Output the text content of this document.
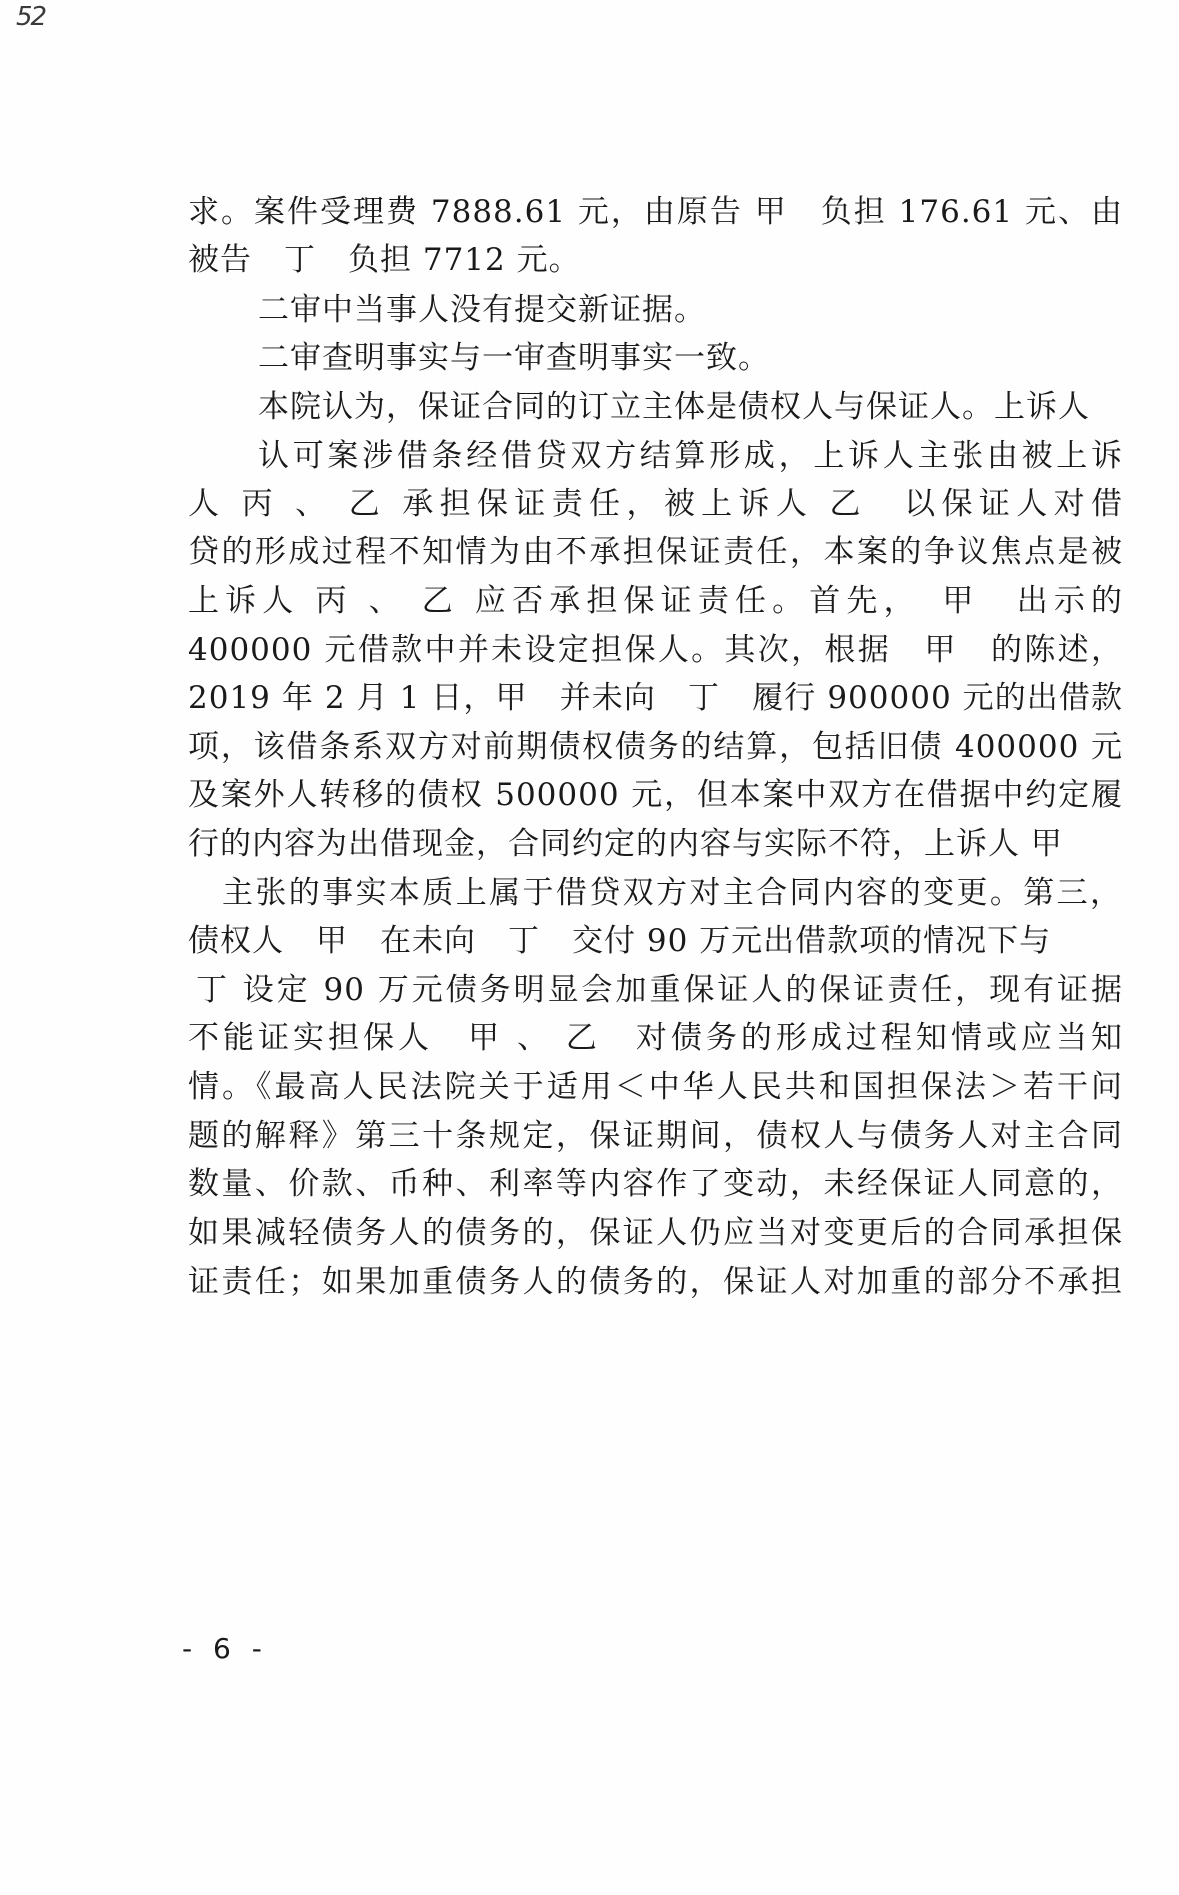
52
求。案件受理费 7888.61 元，由原告 甲　负担 176.61 元、由
被告　丁　负担 7712 元。
二审中当事人没有提交新证据。
二审查明事实与一审查明事实一致。
本院认为，保证合同的订立主体是债权人与保证人。上诉人
认可案涉借条经借贷双方结算形成，上诉人主张由被上诉
人 丙 、 乙 承担保证责任，被上诉人 乙　以保证人对借
贷的形成过程不知情为由不承担保证责任，本案的争议焦点是被
上诉人 丙 、 乙 应否承担保证责任。首先，　甲　出示的
400000 元借款中并未设定担保人。其次，根据　甲　的陈述，
2019 年 2 月 1 日，甲　并未向　丁　履行 900000 元的出借款
项，该借条系双方对前期债权债务的结算，包括旧债 400000 元
及案外人转移的债权 500000 元，但本案中双方在借据中约定履
行的内容为出借现金，合同约定的内容与实际不符，上诉人 甲
主张的事实本质上属于借贷双方对主合同内容的变更。第三，
债权人　甲　在未向　丁　交付 90 万元出借款项的情况下与
丁 设定 90 万元债务明显会加重保证人的保证责任，现有证据
不能证实担保人　甲 、 乙　对债务的形成过程知情或应当知
情。《最高人民法院关于适用＜中华人民共和国担保法＞若干问
题的解释》第三十条规定，保证期间，债权人与债务人对主合同
数量、价款、币种、利率等内容作了变动，未经保证人同意的，
如果减轻债务人的债务的，保证人仍应当对变更后的合同承担保
证责任；如果加重债务人的债务的，保证人对加重的部分不承担
- 6 -
